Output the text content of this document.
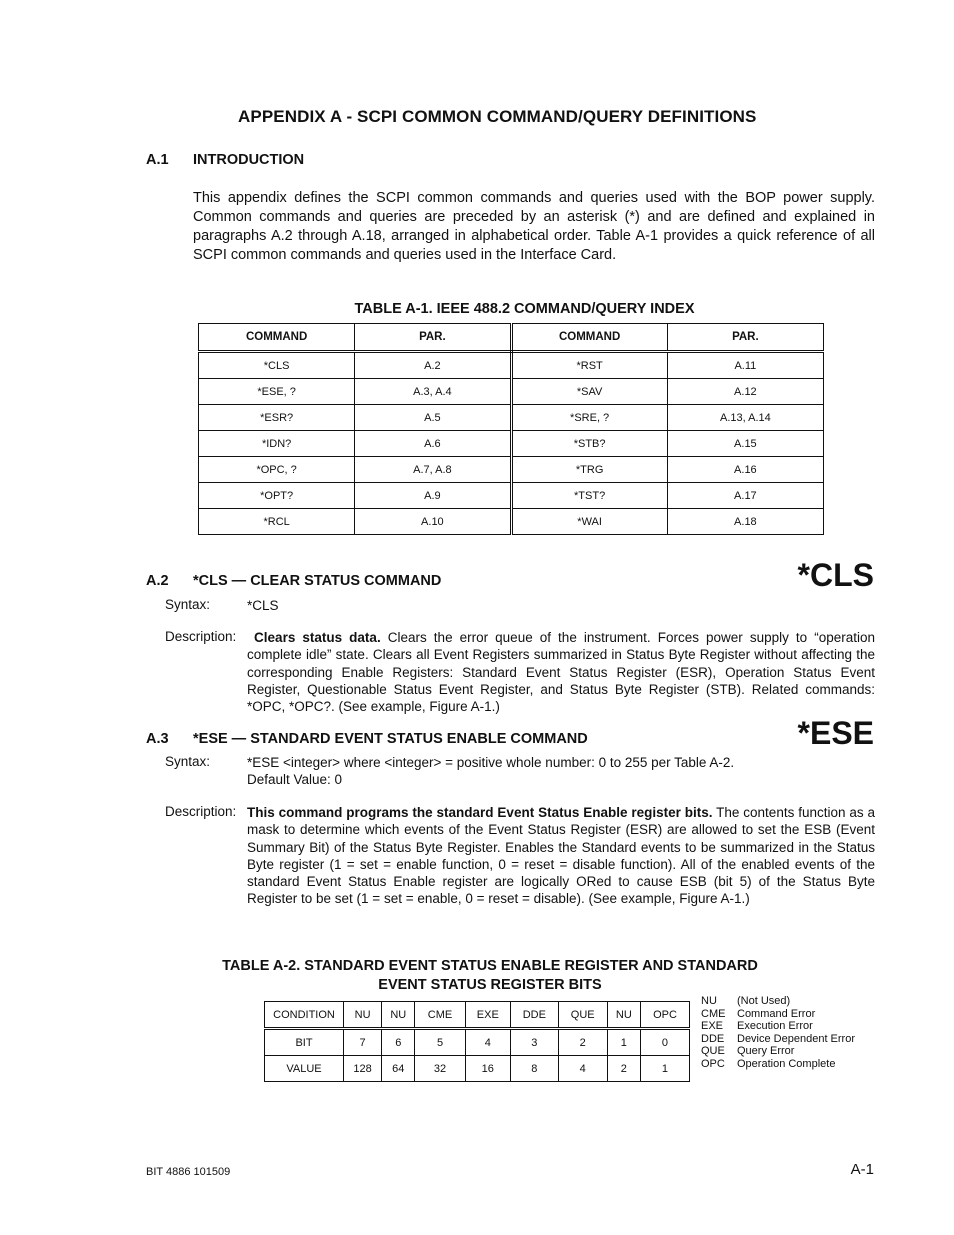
APPENDIX A - SCPI COMMON COMMAND/QUERY DEFINITIONS
A.1 INTRODUCTION
This appendix defines the SCPI common commands and queries used with the BOP power supply. Common commands and queries are preceded by an asterisk (*) and are defined and explained in paragraphs A.2 through A.18, arranged in alphabetical order. Table A-1 provides a quick reference of all SCPI common commands and queries used in the Interface Card.
TABLE A-1. IEEE 488.2 COMMAND/QUERY INDEX
COMMAND	PAR.	COMMAND	PAR.
*CLS	A.2	*RST	A.11
*ESE, ?	A.3, A.4	*SAV	A.12
*ESR?	A.5	*SRE, ?	A.13, A.14
*IDN?	A.6	*STB?	A.15
*OPC, ?	A.7, A.8	*TRG	A.16
*OPT?	A.9	*TST?	A.17
*RCL	A.10	*WAI	A.18
*CLS
A.2 *CLS — CLEAR STATUS COMMAND
Syntax:	*CLS
Description:	Clears status data. Clears the error queue of the instrument. Forces power supply to “operation complete idle” state. Clears all Event Registers summarized in Status Byte Register without affecting the corresponding Enable Registers: Standard Event Status Register (ESR), Operation Status Event Register, Questionable Status Event Register, and Status Byte Register (STB). Related commands: *OPC, *OPC?. (See example, Figure A-1.)
*ESE
A.3 *ESE — STANDARD EVENT STATUS ENABLE COMMAND
Syntax:	*ESE <integer> where <integer> = positive whole number: 0 to 255 per Table A-2.
Default Value: 0
Description: This command programs the standard Event Status Enable register bits. The contents function as a mask to determine which events of the Event Status Register (ESR) are allowed to set the ESB (Event Summary Bit) of the Status Byte Register. Enables the Standard events to be summarized in the Status Byte register (1 = set = enable function, 0 = reset = disable function). All of the enabled events of the standard Event Status Enable register are logically ORed to cause ESB (bit 5) of the Status Byte Register to be set (1 = set = enable, 0 = reset = disable). (See example, Figure A-1.)
TABLE A-2. STANDARD EVENT STATUS ENABLE REGISTER AND STANDARD
EVENT STATUS REGISTER BITS
CONDITION	NU	NU	CME	EXE	DDE	QUE	NU	OPC
BIT	7	6	5	4	3	2	1	0
VALUE	128	64	32	16	8	4	2	1
NU (Not Used)
CME Command Error
EXE Execution Error
DDE Device Dependent Error
QUE Query Error
OPC Operation Complete
BIT 4886 101509	A-1
